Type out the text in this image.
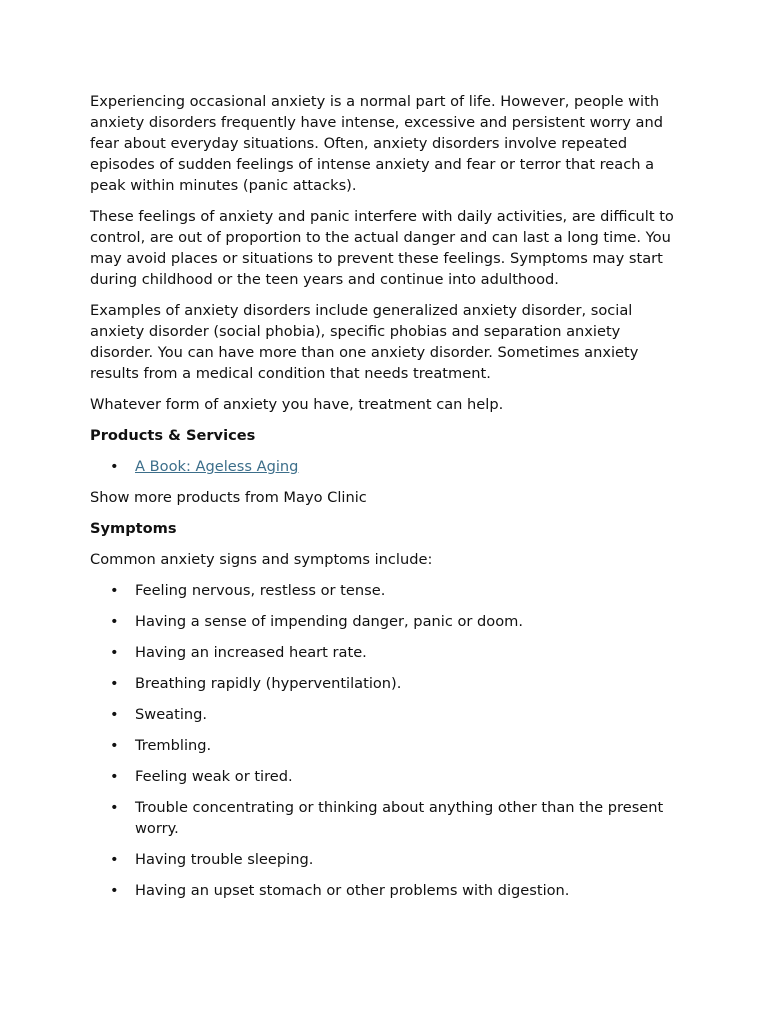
Experiencing occasional anxiety is a normal part of life. However, people with anxiety disorders frequently have intense, excessive and persistent worry and fear about everyday situations. Often, anxiety disorders involve repeated episodes of sudden feelings of intense anxiety and fear or terror that reach a peak within minutes (panic attacks).

These feelings of anxiety and panic interfere with daily activities, are difficult to control, are out of proportion to the actual danger and can last a long time. You may avoid places or situations to prevent these feelings. Symptoms may start during childhood or the teen years and continue into adulthood.

Examples of anxiety disorders include generalized anxiety disorder, social anxiety disorder (social phobia), specific phobias and separation anxiety disorder. You can have more than one anxiety disorder. Sometimes anxiety results from a medical condition that needs treatment.

Whatever form of anxiety you have, treatment can help.

Products & Services

• A Book: Ageless Aging

Show more products from Mayo Clinic

Symptoms

Common anxiety signs and symptoms include:

• Feeling nervous, restless or tense.
• Having a sense of impending danger, panic or doom.
• Having an increased heart rate.
• Breathing rapidly (hyperventilation).
• Sweating.
• Trembling.
• Feeling weak or tired.
• Trouble concentrating or thinking about anything other than the present worry.
• Having trouble sleeping.
• Having an upset stomach or other problems with digestion.
